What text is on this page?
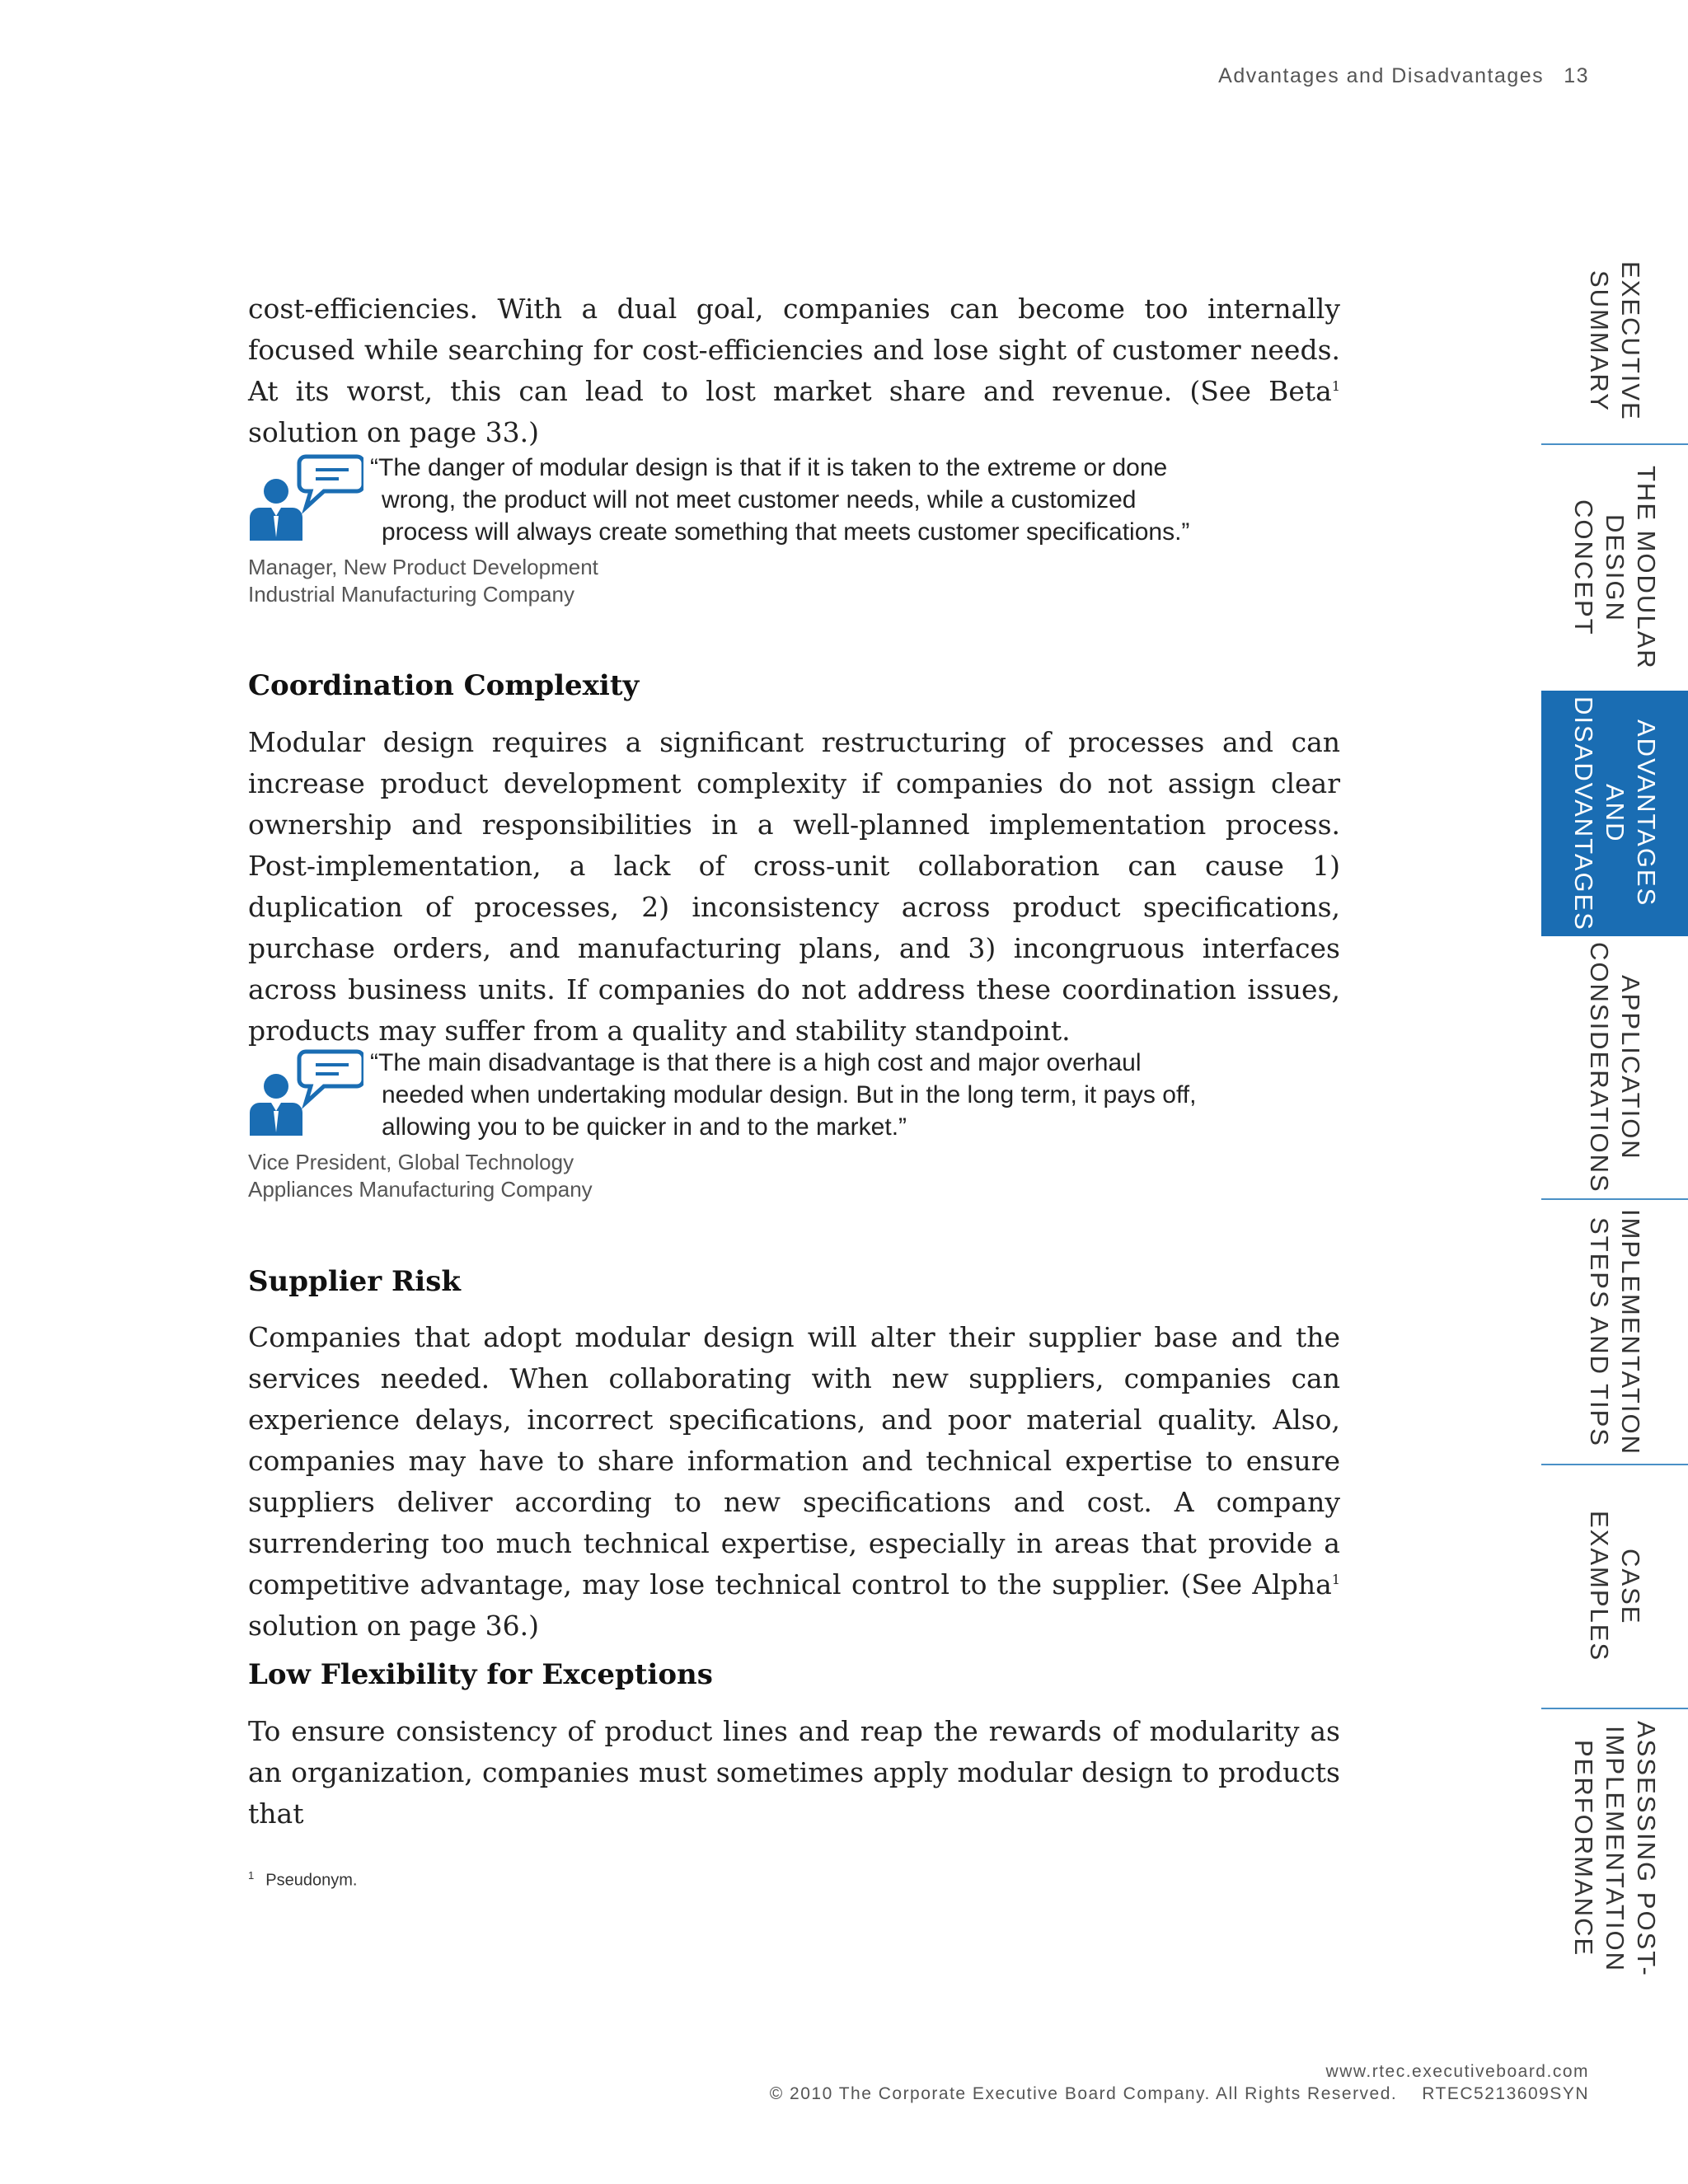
Advantages and Disadvantages 13

cost-efficiencies. With a dual goal, companies can become too internally focused while searching for cost-efficiencies and lose sight of customer needs. At its worst, this can lead to lost market share and revenue. (See Beta$^1$ solution on page 33.)

“The danger of modular design is that if it is taken to the extreme or done
wrong, the product will not meet customer needs, while a customized
process will always create something that meets customer specifications.”
Manager, New Product Development
Industrial Manufacturing Company
Coordination Complexity

Modular design requires a significant restructuring of processes and can increase product development complexity if companies do not assign clear ownership and responsibilities in a well-planned implementation process. Post-implementation, a lack of cross-unit collaboration can cause 1) duplication of processes, 2) inconsistency across product specifications, purchase orders, and manufacturing plans, and 3) incongruous interfaces across business units. If companies do not address these coordination issues, products may suffer from a quality and stability standpoint.

“The main disadvantage is that there is a high cost and major overhaul
needed when undertaking modular design. But in the long term, it pays off,
allowing you to be quicker in and to the market.”
Vice President, Global Technology
Appliances Manufacturing Company
Supplier Risk

Companies that adopt modular design will alter their supplier base and the services needed. When collaborating with new suppliers, companies can experience delays, incorrect specifications, and poor material quality. Also, companies may have to share information and technical expertise to ensure suppliers deliver according to new specifications and cost. A company surrendering too much technical expertise, especially in areas that provide a competitive advantage, may lose technical control to the supplier. (See Alpha$^1$ solution on page 36.)

Low Flexibility for Exceptions

To ensure consistency of product lines and reap the rewards of modularity as an organization, companies must sometimes apply modular design to products that

$^1$ Pseudonym.
www.rtec.executiveboard.com
© 2010 The Corporate Executive Board Company. All Rights Reserved. RTEC5213609SYN
EXECUTIVE
SUMMARY
THE MODULAR
DESIGN CONCEPT
ADVANTAGES
AND
DISADVANTAGES
APPLICATION
CONSIDERATIONS
IMPLEMENTATION
STEPS AND TIPS
CASE
EXAMPLES
ASSESSING POST-
IMPLEMENTATION
PERFORMANCE
